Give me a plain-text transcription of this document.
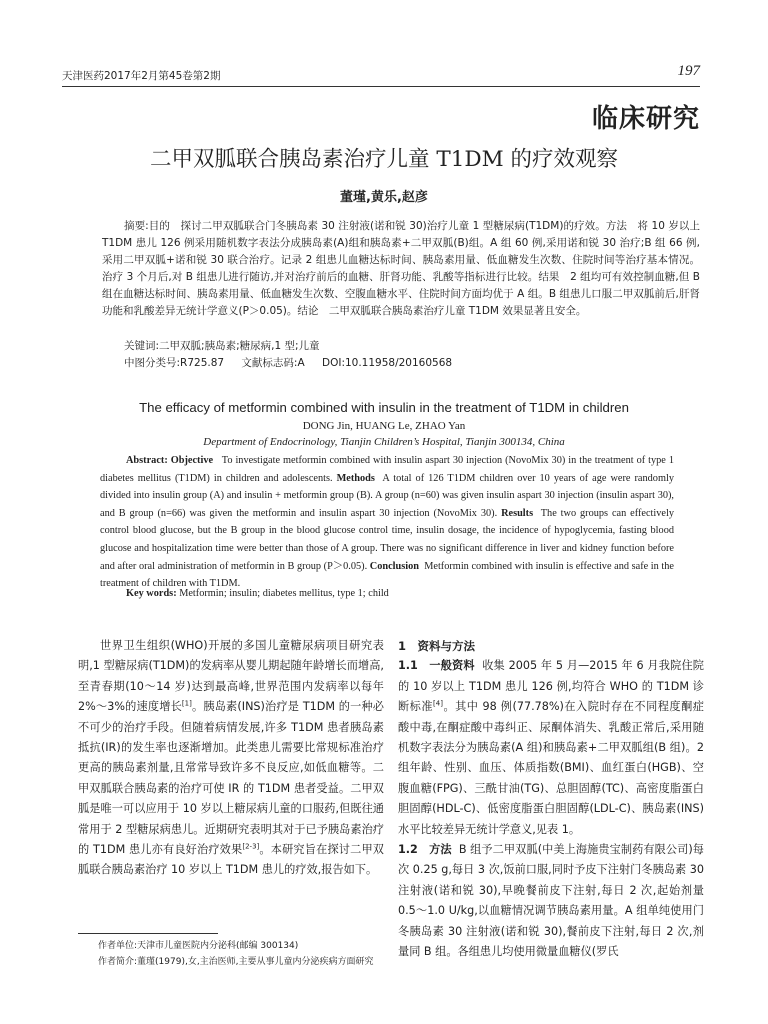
天津医药2017年2月第45卷第2期	197
临床研究
二甲双胍联合胰岛素治疗儿童 T1DM 的疗效观察
董瑾,黄乐,赵彦

摘要:目的　探讨二甲双胍联合门冬胰岛素 30 注射液(诺和锐 30)治疗儿童 1 型糖尿病(T1DM)的疗效。方法　将 10 岁以上 T1DM 患儿 126 例采用随机数字表法分成胰岛素(A)组和胰岛素+二甲双胍(B)组。A 组 60 例,采用诺和锐 30 治疗;B 组 66 例,采用二甲双胍+诺和锐 30 联合治疗。记录 2 组患儿血糖达标时间、胰岛素用量、低血糖发生次数、住院时间等治疗基本情况。治疗 3 个月后,对 B 组患儿进行随访,并对治疗前后的血糖、肝肾功能、乳酸等指标进行比较。结果　2 组均可有效控制血糖,但 B 组在血糖达标时间、胰岛素用量、低血糖发生次数、空腹血糖水平、住院时间方面均优于 A 组。B 组患儿口服二甲双胍前后,肝肾功能和乳酸差异无统计学意义(P＞0.05)。结论　二甲双胍联合胰岛素治疗儿童 T1DM 效果显著且安全。

关键词:二甲双胍;胰岛素;糖尿病,1 型;儿童
中图分类号:R725.87 文献标志码:A DOI:10.11958/20160568
The efficacy of metformin combined with insulin in the treatment of T1DM in children
DONG Jin, HUANG Le, ZHAO Yan
Department of Endocrinology, Tianjin Children’s Hospital, Tianjin 300134, China

Abstract: Objective To investigate metformin combined with insulin aspart 30 injection (NovoMix 30) in the treatment of type 1 diabetes mellitus (T1DM) in children and adolescents. Methods A total of 126 T1DM children over 10 years of age were randomly divided into insulin group (A) and insulin + metformin group (B). A group (n=60) was given insulin aspart 30 injection (insulin aspart 30), and B group (n=66) was given the metformin and insulin aspart 30 injection (NovoMix 30). Results The two groups can effectively control blood glucose, but the B group in the blood glucose control time, insulin dosage, the incidence of hypoglycemia, fasting blood glucose and hospitalization time were better than those of A group. There was no significant difference in liver and kidney function before and after oral administration of metformin in B group (P＞0.05). Conclusion Metformin combined with insulin is effective and safe in the treatment of children with T1DM.

Key words: Metformin; insulin; diabetes mellitus, type 1; child

世界卫生组织(WHO)开展的多国儿童糖尿病项目研究表明,1 型糖尿病(T1DM)的发病率从婴儿期起随年龄增长而增高,至青春期(10～14 岁)达到最高峰,世界范围内发病率以每年 2%～3%的速度增长[1]。胰岛素(INS)治疗是 T1DM 的一种必不可少的治疗手段。但随着病情发展,许多 T1DM 患者胰岛素抵抗(IR)的发生率也逐渐增加。此类患儿需要比常规标准治疗更高的胰岛素剂量,且常常导致许多不良反应,如低血糖等。二甲双胍联合胰岛素的治疗可使 IR 的 T1DM 患者受益。二甲双胍是唯一可以应用于 10 岁以上糖尿病儿童的口服药,但既往通常用于 2 型糖尿病患儿。近期研究表明其对于已予胰岛素治疗的 T1DM 患儿亦有良好治疗效果[2-3]。本研究旨在探讨二甲双胍联合胰岛素治疗 10 岁以上 T1DM 患儿的疗效,报告如下。

1　资料与方法

1.1　一般资料 收集 2005 年 5 月—2015 年 6 月我院住院的 10 岁以上 T1DM 患儿 126 例,均符合 WHO 的 T1DM 诊断标准[4]。其中 98 例(77.78%)在入院时存在不同程度酮症酸中毒,在酮症酸中毒纠正、尿酮体消失、乳酸正常后,采用随机数字表法分为胰岛素(A 组)和胰岛素+二甲双胍组(B 组)。2 组年龄、性别、血压、体质指数(BMI)、血红蛋白(HGB)、空腹血糖(FPG)、三酰甘油(TG)、总胆固醇(TC)、高密度脂蛋白胆固醇(HDL-C)、低密度脂蛋白胆固醇(LDL-C)、胰岛素(INS)水平比较差异无统计学意义,见表 1。

1.2　方法 B 组予二甲双胍(中美上海施贵宝制药有限公司)每次 0.25 g,每日 3 次,饭前口服,同时予皮下注射门冬胰岛素 30 注射液(诺和锐 30),早晚餐前皮下注射,每日 2 次,起始剂量 0.5～1.0 U/kg,以血糖情况调节胰岛素用量。A 组单纯使用门冬胰岛素 30 注射液(诺和锐 30),餐前皮下注射,每日 2 次,剂量同 B 组。各组患儿均使用微量血糖仪(罗氏

作者单位:天津市儿童医院内分泌科(邮编 300134)
作者简介:董瑾(1979),女,主治医师,主要从事儿童内分泌疾病方面研究
